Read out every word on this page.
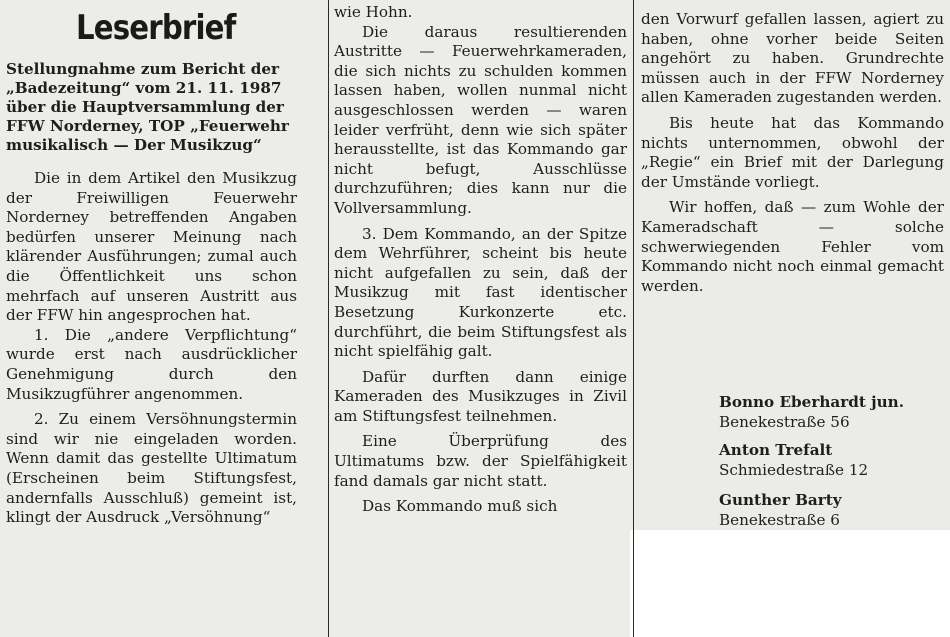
Leserbrief
Stellungnahme zum Bericht der „Badezeitung“ vom 21. 11. 1987 über die Hauptversammlung der FFW Norderney, TOP „Feuerwehr musikalisch — Der Musikzug“

Die in dem Artikel den Musikzug der Freiwilligen Feuerwehr Norderney betreffenden Angaben bedürfen unserer Meinung nach klärender Ausführungen; zumal auch die Öffentlichkeit uns schon mehrfach auf unseren Austritt aus der FFW hin angesprochen hat.

1. Die „andere Verpflichtung“ wurde erst nach ausdrücklicher Genehmigung durch den Musikzugführer angenommen.

2. Zu einem Versöhnungstermin sind wir nie eingeladen worden. Wenn damit das gestellte Ultimatum (Erscheinen beim Stiftungsfest, andernfalls Ausschluß) gemeint ist, klingt der Ausdruck „Versöhnung“

wie Hohn.

Die daraus resultierenden Austritte — Feuerwehrkameraden, die sich nichts zu schulden kommen lassen haben, wollen nunmal nicht ausgeschlossen werden — waren leider verfrüht, denn wie sich später herausstellte, ist das Kommando gar nicht befugt, Ausschlüsse durchzuführen; dies kann nur die Vollversammlung.

3. Dem Kommando, an der Spitze dem Wehrführer, scheint bis heute nicht aufgefallen zu sein, daß der Musikzug mit fast identischer Besetzung Kurkonzerte etc. durchführt, die beim Stiftungsfest als nicht spielfähig galt.

Dafür durften dann einige Kameraden des Musikzuges in Zivil am Stiftungsfest teilnehmen.

Eine Überprüfung des Ultimatums bzw. der Spielfähigkeit fand damals gar nicht statt.

Das Kommando muß sich

den Vorwurf gefallen lassen, agiert zu haben, ohne vorher beide Seiten angehört zu haben. Grundrechte müssen auch in der FFW Norderney allen Kameraden zugestanden werden.

Bis heute hat das Kommando nichts unternommen, obwohl der „Regie“ ein Brief mit der Darlegung der Umstände vorliegt.

Wir hoffen, daß — zum Wohle der Kameradschaft — solche schwerwiegenden Fehler vom Kommando nicht noch einmal gemacht werden.

Bonno Eberhardt jun.
Benekestraße 56
Anton Trefalt
Schmiedestraße 12
Gunther Barty
Benekestraße 6
